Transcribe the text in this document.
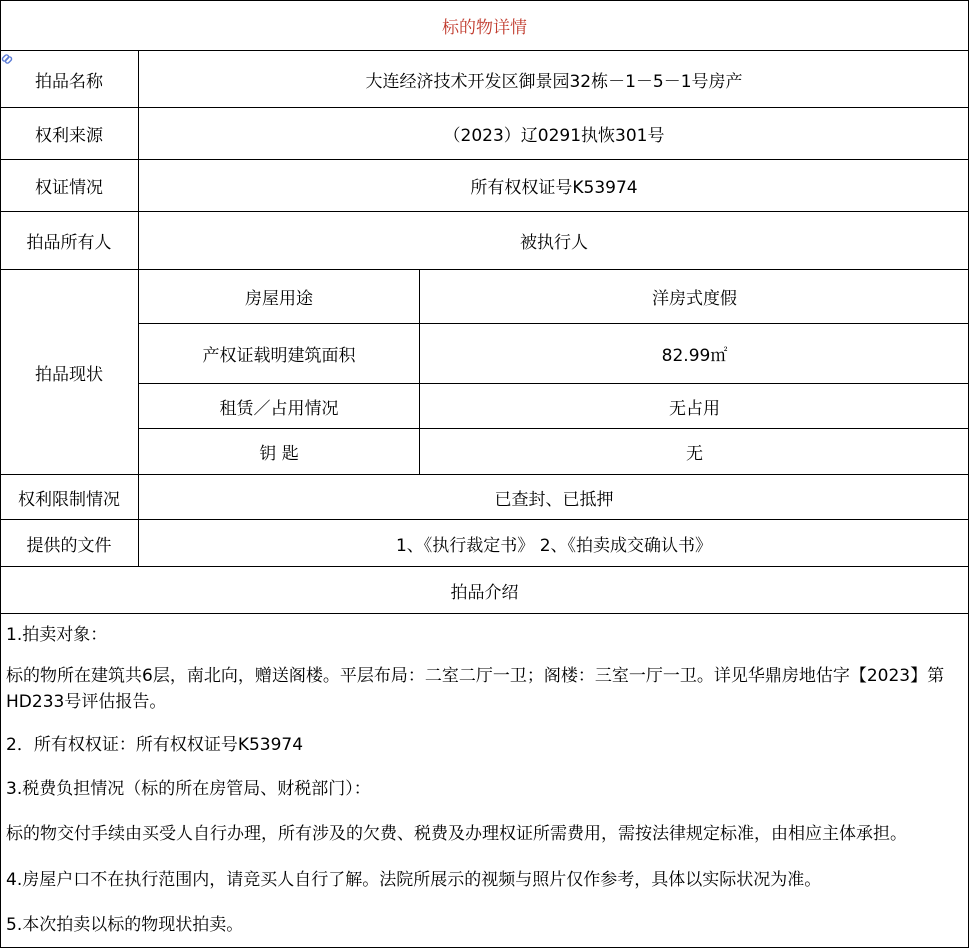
标的物详情
拍品名称	大连经济技术开发区御景园32栋－1－5－1号房产
权利来源	（2023）辽0291执恢301号
权证情况	所有权权证号K53974
拍品所有人	被执行人
拍品现状
房屋用途	洋房式度假
产权证载明建筑面积	82.99㎡
租赁／占用情况	无占用
钥 匙	无
权利限制情况	已查封、已抵押
提供的文件	1、《执行裁定书》 2、《拍卖成交确认书》
拍品介绍
1.拍卖对象：
标的物所在建筑共6层，南北向，赠送阁楼。平层布局：二室二厅一卫；阁楼：三室一厅一卫。详见华鼎房地估字【2023】第HD233号评估报告。
2．所有权权证：所有权权证号K53974
3.税费负担情况（标的所在房管局、财税部门）：
标的物交付手续由买受人自行办理，所有涉及的欠费、税费及办理权证所需费用，需按法律规定标准，由相应主体承担。
4.房屋户口不在执行范围内，请竞买人自行了解。法院所展示的视频与照片仅作参考，具体以实际状况为准。
5.本次拍卖以标的物现状拍卖。
